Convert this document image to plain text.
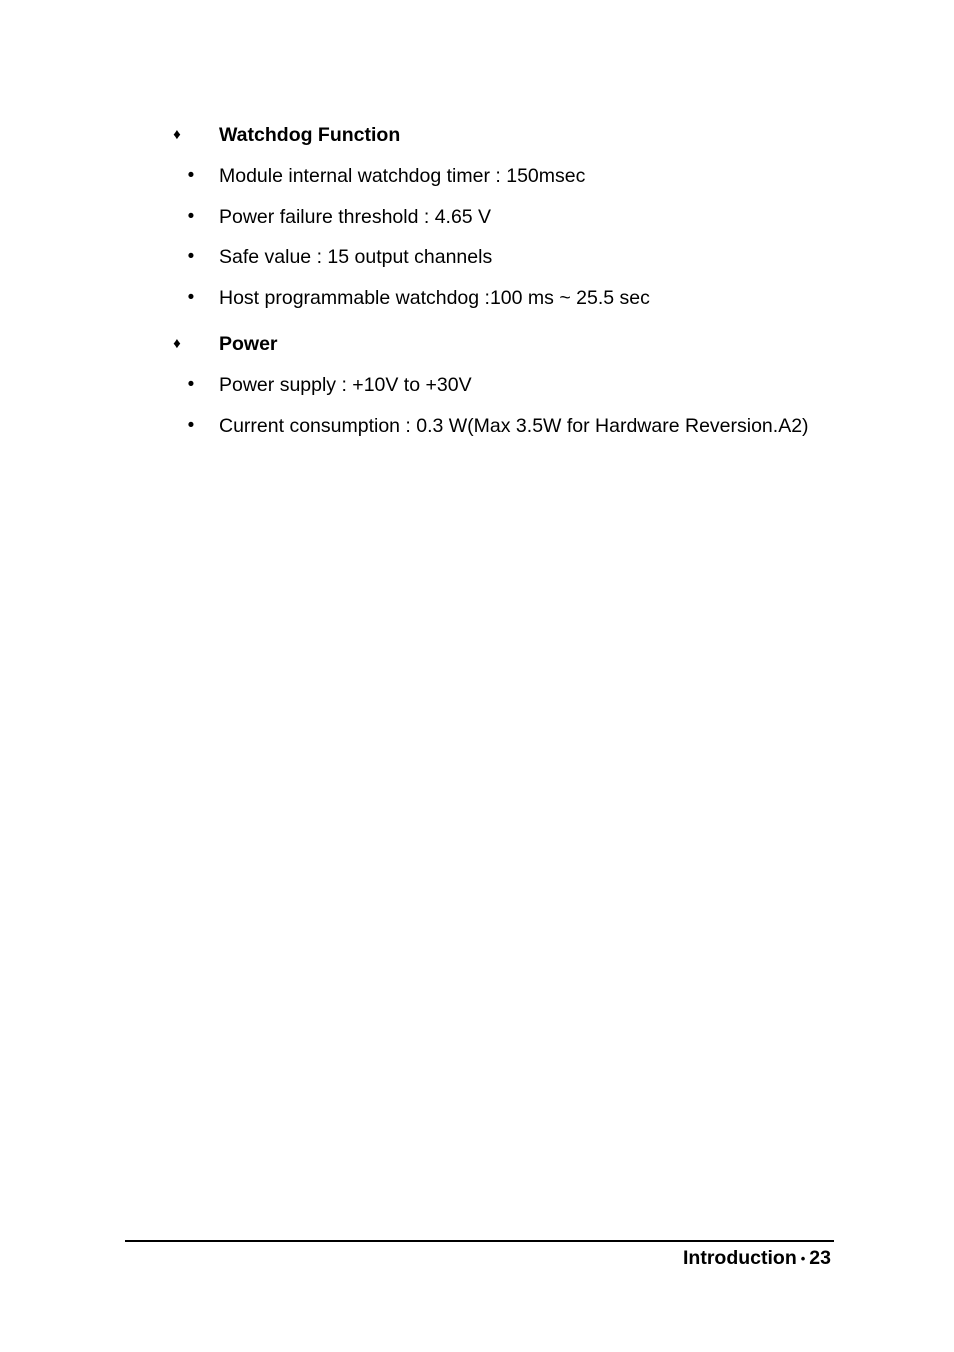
♦ Watchdog Function
• Module internal watchdog timer : 150msec
• Power failure threshold : 4.65 V
• Safe value : 15 output channels
• Host programmable watchdog :100 ms ~ 25.5 sec
♦ Power
• Power supply : +10V to +30V
• Current consumption : 0.3 W(Max 3.5W for Hardware Reversion.A2)
Introduction • 23
